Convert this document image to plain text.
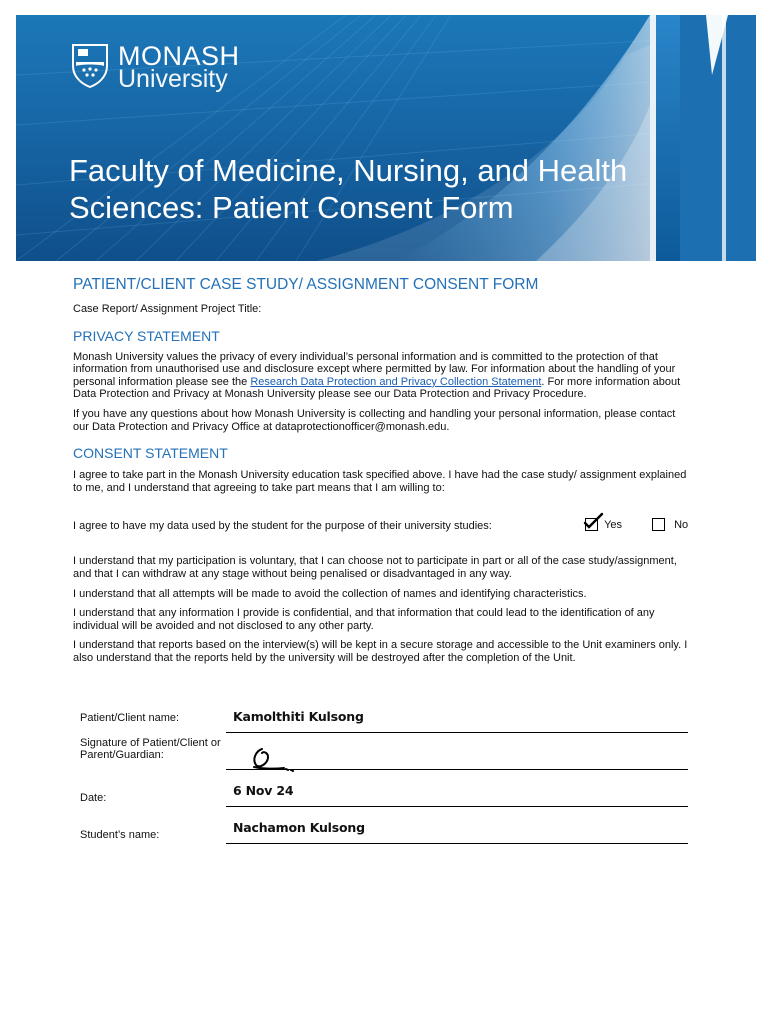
MONASH
University
Faculty of Medicine, Nursing, and Health
Sciences: Patient Consent Form
PATIENT/CLIENT CASE STUDY/ ASSIGNMENT CONSENT FORM

Case Report/ Assignment Project Title:

PRIVACY STATEMENT

Monash University values the privacy of every individual’s personal information and is committed to the protection of that information from unauthorised use and disclosure except where permitted by law. For information about the handling of your personal information please see the Research Data Protection and Privacy Collection Statement. For more information about Data Protection and Privacy at Monash University please see our Data Protection and Privacy Procedure.

If you have any questions about how Monash University is collecting and handling your personal information, please contact our Data Protection and Privacy Office at dataprotectionofficer@monash.edu.

CONSENT STATEMENT

I agree to take part in the Monash University education task specified above. I have had the case study/ assignment explained to me, and I understand that agreeing to take part means that I am willing to:

I agree to have my data used by the student for the purpose of their university studies:

	Yes	No

I understand that my participation is voluntary, that I can choose not to participate in part or all of the case study/assignment, and that I can withdraw at any stage without being penalised or disadvantaged in any way.

I understand that all attempts will be made to avoid the collection of names and identifying characteristics.

I understand that any information I provide is confidential, and that information that could lead to the identification of any individual will be avoided and not disclosed to any other party.

I understand that reports based on the interview(s) will be kept in a secure storage and accessible to the Unit examiners only. I also understand that the reports held by the university will be destroyed after the completion of the Unit.

Patient/Client name:	Kamolthiti Kulsong
Signature of Patient/Client or Parent/Guardian:
Date:	6 Nov 24
Student’s name:	Nachamon Kulsong
